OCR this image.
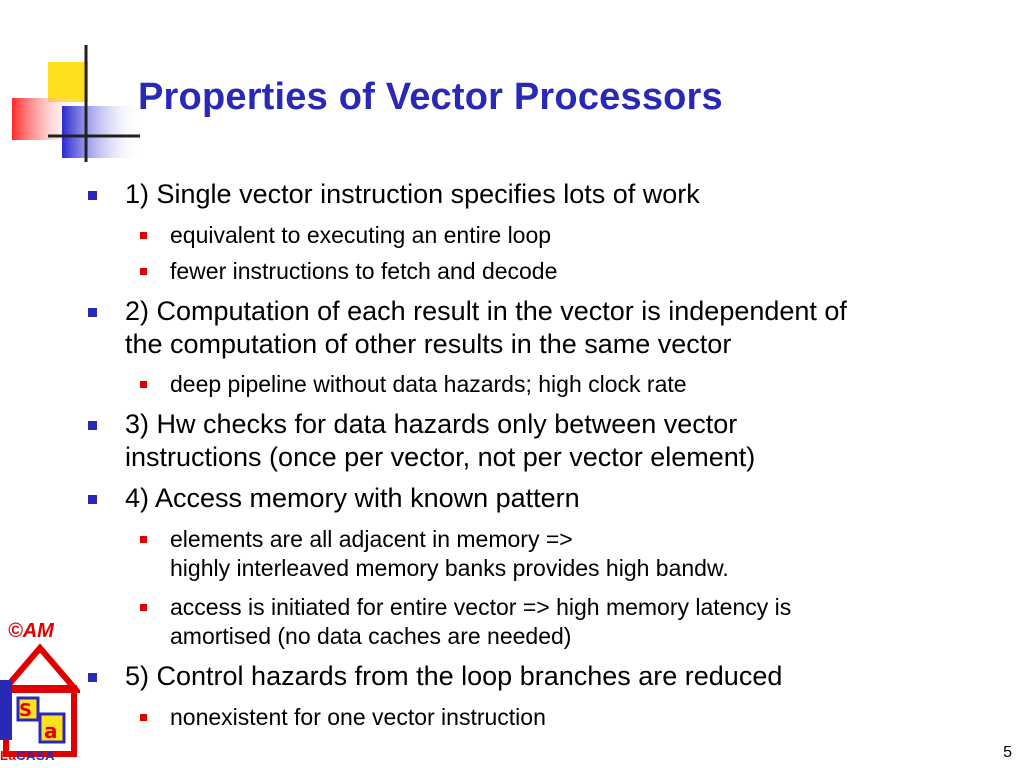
Properties of Vector Processors

1) Single vector instruction specifies lots of work

equivalent to executing an entire loop

fewer instructions to fetch and decode

2) Computation of each result in the vector is independent of

the computation of other results in the same vector

deep pipeline without data hazards; high clock rate

3) Hw checks for data hazards only between vector

instructions (once per vector, not per vector element)

4) Access memory with known pattern

elements are all adjacent in memory =>

highly interleaved memory banks provides high bandw.

access is initiated for entire vector => high memory latency is

amortised (no data caches are needed)

5) Control hazards from the loop branches are reduced

nonexistent for one vector instruction

©AM
S
a
LaCASA	5
